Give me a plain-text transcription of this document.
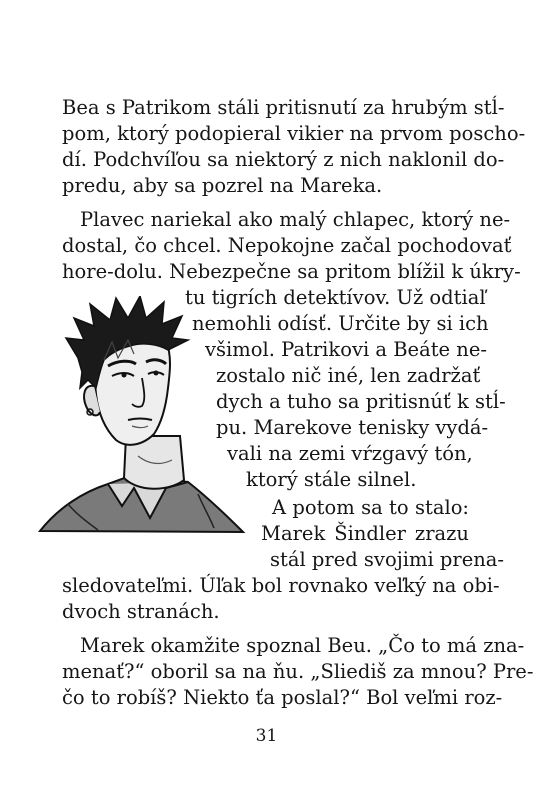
Bea s Patrikom stáli pritisnutí za hrubým stĺ-
pom, ktorý podopieral vikier na prvom poscho-
dí. Podchvíľou sa niektorý z nich naklonil do-
predu, aby sa pozrel na Mareka.
Plavec nariekal ako malý chlapec, ktorý ne-
dostal, čo chcel. Nepokojne začal pochodovať
hore-dolu. Nebezpečne sa pritom blížil k úkry-
tu tigrích detektívov. Už odtiaľ
nemohli odísť. Určite by si ich
všimol. Patrikovi a Beáte ne-
zostalo nič iné, len zadržať
dych a tuho sa pritisnúť k stĺ-
pu. Marekove tenisky vydá-
vali na zemi vŕzgavý tón,
ktorý stále silnel.
A potom sa to stalo:
Marek Šindler zrazu
stál pred svojimi prena-
sledovateľmi. Úľak bol rovnako veľký na obi-
dvoch stranách.
Marek okamžite spoznal Beu. „Čo to má zna-
menať?“ oboril sa na ňu. „Sliediš za mnou? Pre-
čo to robíš? Niekto ťa poslal?“ Bol veľmi roz-
31
